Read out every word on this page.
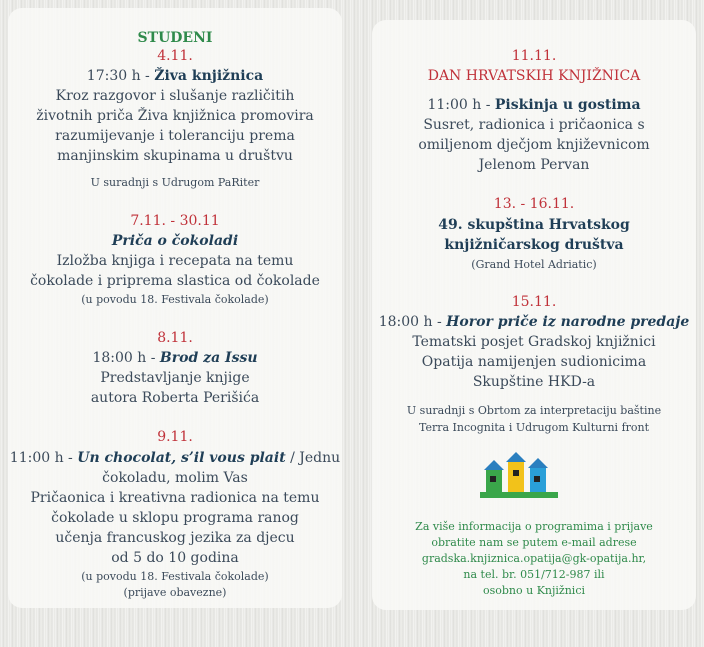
STUDENI
4.11.
17:30 h - Živa knjižnica
Kroz razgovor i slušanje različitih
životnih priča Živa knjižnica promovira
razumijevanje i toleranciju prema
manjinskim skupinama u društvu
U suradnji s Udrugom PaRiter
7.11. - 30.11
Priča o čokoladi
Izložba knjiga i recepata na temu
čokolade i priprema slastica od čokolade
(u povodu 18. Festivala čokolade)
8.11.
18:00 h - Brod za Issu
Predstavljanje knjige
autora Roberta Perišića
9.11.
11:00 h - Un chocolat, s’il vous plait / Jednu
čokoladu, molim Vas
Pričaonica i kreativna radionica na temu
čokolade u sklopu programa ranog
učenja francuskog jezika za djecu
od 5 do 10 godina
(u povodu 18. Festivala čokolade)
(prijave obavezne)
11.11.
DAN HRVATSKIH KNJIŽNICA
11:00 h - Piskinja u gostima
Susret, radionica i pričaonica s
omiljenom dječjom književnicom
Jelenom Pervan
13. - 16.11.
49. skupština Hrvatskog
knjižničarskog društva
(Grand Hotel Adriatic)
15.11.
18:00 h - Horor priče iz narodne predaje
Tematski posjet Gradskoj knjižnici
Opatija namijenjen sudionicima
Skupštine HKD-a
U suradnji s Obrtom za interpretaciju baštine
Terra Incognita i Udrugom Kulturni front
Za više informacija o programima i prijave
obratite nam se putem e-mail adrese
gradska.knjiznica.opatija@gk-opatija.hr,
na tel. br. 051/712-987 ili
osobno u Knjižnici
